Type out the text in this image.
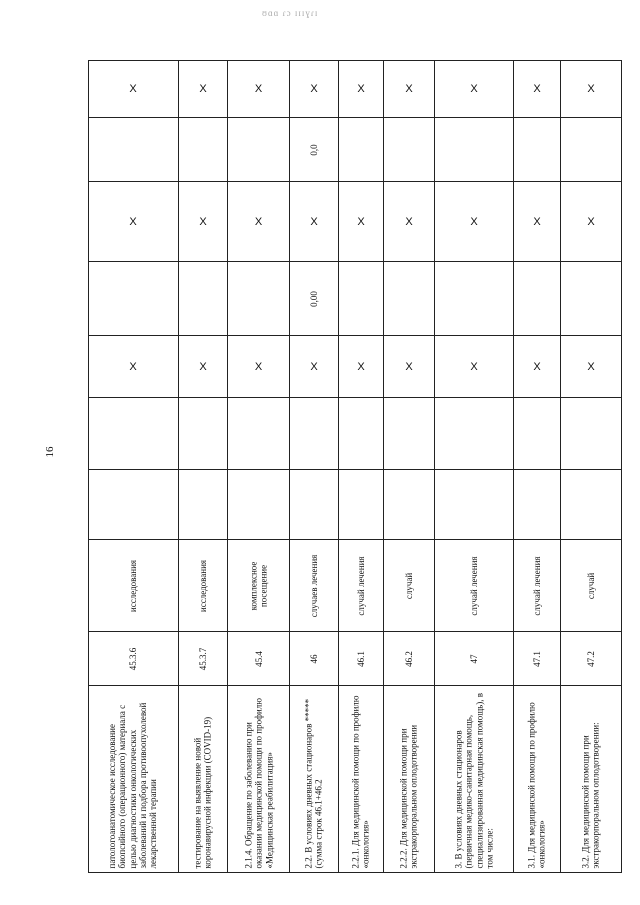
ʊɑɑ ɾɔ ɪɪɪɣɾɪ
16
X
X
X
исследования
45.3.6
патологоанатомическое исследование биопсийного (операционного) материала с целью диагностики онкологических заболеваний и подбора противоопухолевой лекарственной терапии
X
X
X
исследования
45.3.7
тестирование на выявление новой коронавирусной инфекции (COVID-19)
X
X
X
комплексное посещение
45.4
2.1.4. Обращение по заболеванию при оказании медицинской помощи по профилю «Медицинская реабилитация»
X
0,0
X
0,00
X
случаев лечения
46
2.2. В условиях дневных стационаров *****(сумма строк 46.1+46.2
X
X
X
случай лечения
46.1
2.2.1. Для медицинской помощи по профилю «онкология»
X
X
X
случай
46.2
2.2.2. Для медицинской помощи при экстракорпоральном оплодотворении
X
X
X
случай лечения
47
3. В условиях дневных стационаров (первичная медико-санитарная помощь, специализированная медицинская помощь), в том числе:
X
X
X
случай лечения
47.1
3.1. Для медицинской помощи по профилю «онкология»
X
X
X
случай
47.2
3.2. Для медицинской помощи при экстракорпоральном оплодотворении:
